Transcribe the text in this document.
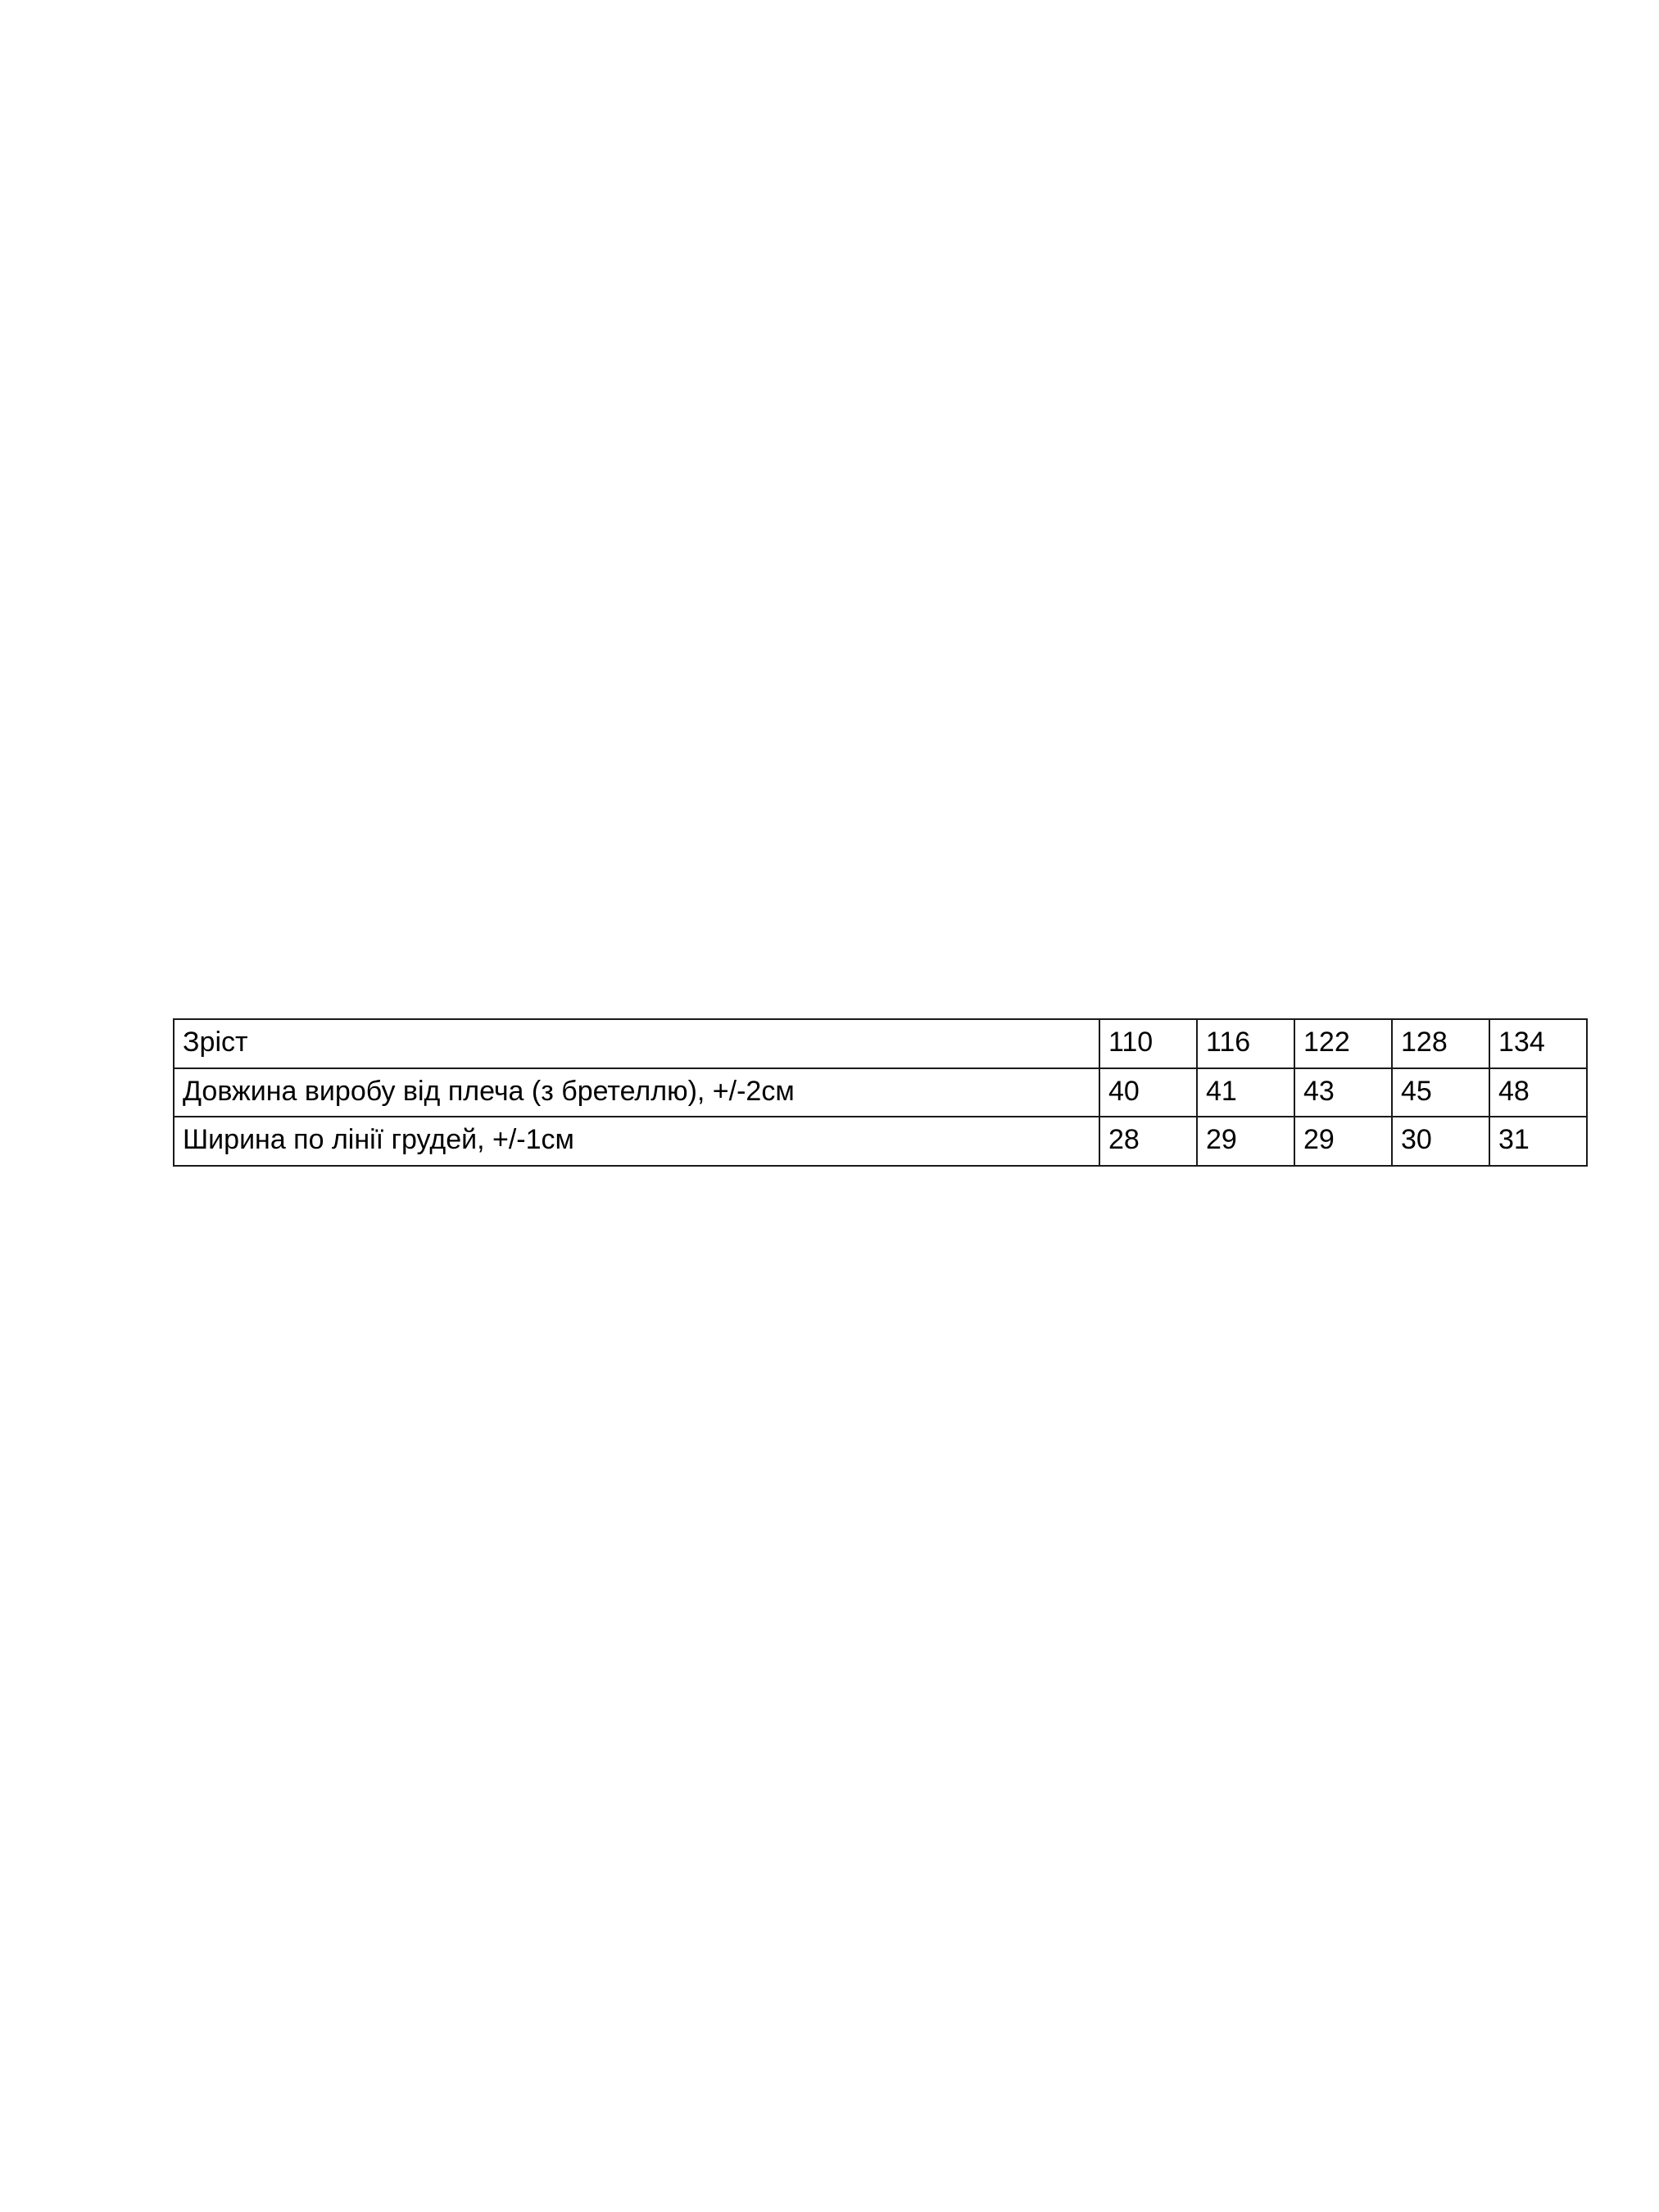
Зріст	110	116	122	128	134
Довжина виробу від плеча (з бретеллю), +/-2см	40	41	43	45	48
Ширина по лінії грудей, +/-1см	28	29	29	30	31
